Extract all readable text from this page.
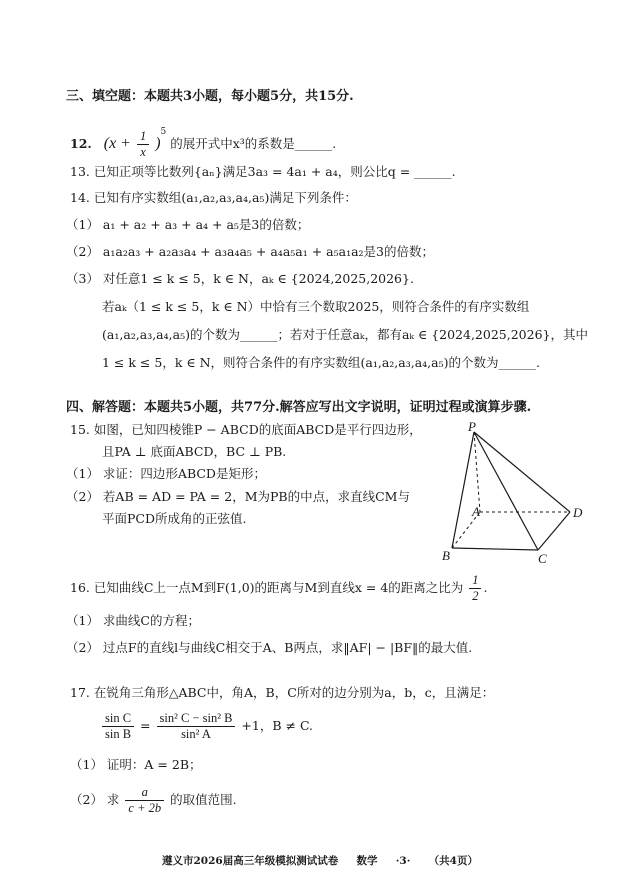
三、填空题：本题共3小题，每小题5分，共15分.
12. $(x + \frac{1}{x} )^5$ 的展开式中x³的系数是______.
13. 已知正项等比数列{aₙ}满足3a₃ = 4a₁ + a₄，则公比q = ______.
14. 已知有序实数组(a₁,a₂,a₃,a₄,a₅)满足下列条件：
（1） a₁ + a₂ + a₃ + a₄ + a₅是3的倍数；
（2） a₁a₂a₃ + a₂a₃a₄ + a₃a₄a₅ + a₄a₅a₁ + a₅a₁a₂是3的倍数；
（3） 对任意1 ≤ k ≤ 5，k ∈ N，aₖ ∈ {2024,2025,2026}.
若aₖ（1 ≤ k ≤ 5，k ∈ N）中恰有三个数取2025，则符合条件的有序实数组
(a₁,a₂,a₃,a₄,a₅)的个数为______；若对于任意aₖ，都有aₖ ∈ {2024,2025,2026}，其中
1 ≤ k ≤ 5，k ∈ N，则符合条件的有序实数组(a₁,a₂,a₃,a₄,a₅)的个数为______.
四、解答题：本题共5小题，共77分.解答应写出文字说明，证明过程或演算步骤.
15. 如图，已知四棱锥P − ABCD的底面ABCD是平行四边形，
且PA ⊥ 底面ABCD，BC ⊥ PB.
（1） 求证：四边形ABCD是矩形；
（2） 若AB = AD = PA = 2，M为PB的中点，求直线CM与
平面PCD所成角的正弦值.
P
A
B	C
D
16. 已知曲线C上一点M到F(1,0)的距离与M到直线x = 4的距离之比为 $\frac{1}{2}$ .
（1） 求曲线C的方程；
（2） 过点F的直线l与曲线C相交于A、B两点，求‖AF| − |BF‖的最大值.
17. 在锐角三角形△ABC中，角A，B，C所对的边分别为a，b，c，且满足：
$\frac{\text{sin C}}{\text{sin B}} = \frac{\text{sin² C − sin² B}}{\text{sin² A}} +1$，B ≠ C.
（1） 证明：A = 2B；
（2） 求 $\frac{a}{c + 2b}$ 的取值范围.
遵义市2026届高三年级模拟测试试卷     数学     ·3·     （共4页）
